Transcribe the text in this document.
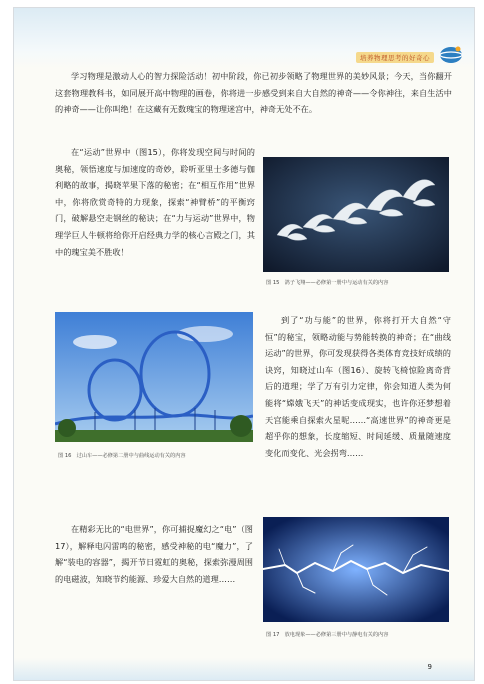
培养物理思考的好奇心

学习物理是激动人心的智力探险活动！初中阶段，你已初步领略了物理世界的美妙风景；今天，当你翻开这套物理教科书，如同展开高中物理的画卷，你将进一步感受到来自大自然的神奇——令你神往，来自生活中的神奇——让你叫绝！在这藏有无数瑰宝的物理迷宫中，神奇无处不在。

在“运动”世界中（图15），你将发现空间与时间的奥秘，领悟速度与加速度的奇妙，聆听亚里士多德与伽利略的故事，揭晓苹果下落的秘密；在“相互作用”世界中，你将欣赏奇特的力现象，探索“神臂桥”的平衡窍门，破解悬空走钢丝的秘诀；在“力与运动”世界中，物理学巨人牛顿将给你开启经典力学的核心言殿之门，其中的瑰宝美不胜收！

图 15　鸽子飞翔——必修第一册中与运动有关的内容

图 16　过山车——必修第二册中与曲线运动有关的内容

到了“功与能”的世界，你将打开大自然“守恒”的秘宝，领略动能与势能转换的神奇；在“曲线运动”的世界，你可发现获得各类体育竞技好成绩的诀窍，知晓过山车（图16）、旋转飞椅惊险离奇背后的道理；学了万有引力定律，你会知道人类为何能将“嫦娥飞天”的神话变成现实，也许你还梦想着天宫能乘自探索火星呢……“高速世界”的神奇更是超乎你的想象，长度缩短、时间延缓、质量随速度变化而变化、光会拐弯……

在精彩无比的“电世界”，你可捕捉魔幻之“电”（图17），解释电闪雷鸣的秘密，感受神秘的电“魔力”，了解“装电的容器”，揭开节日霓虹的奥秘，探索弥漫周围的电磁波，知晓节约能源、珍爱大自然的道理……

图 17　放电现象——必修第三册中与静电有关的内容

9
